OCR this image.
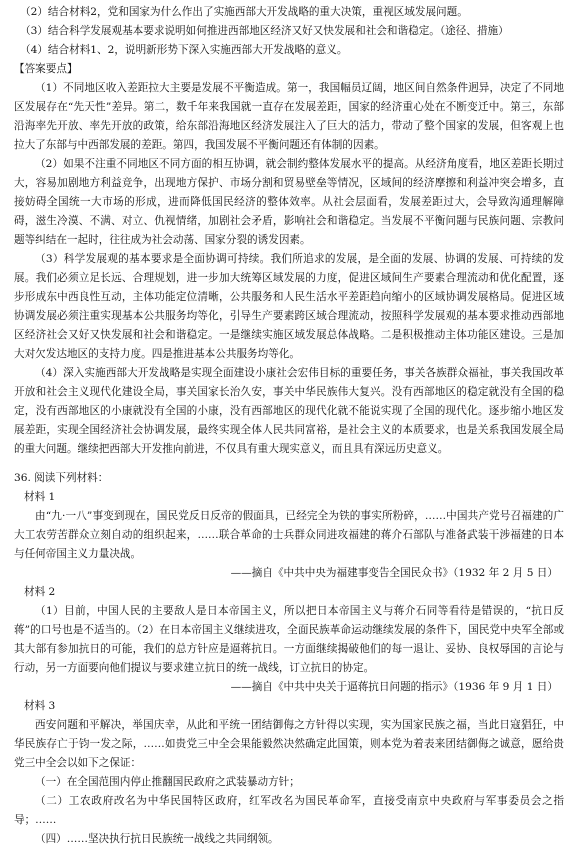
（2）结合材料2，党和国家为什么作出了实施西部大开发战略的重大决策，重视区域发展问题。

（3）结合科学发展观基本要求说明如何推进西部地区经济又好又快发展和社会和谐稳定。（途径、措施）

（4）结合材料1、2，说明新形势下深入实施西部大开发战略的意义。

【答案要点】

（1）不同地区收入差距拉大主要是发展不平衡造成。第一，我国幅员辽阔，地区间自然条件迥异，决定了不同地区发展存在“先天性”差异。第二，数千年来我国就一直存在发展差距，国家的经济重心处在不断变迁中。第三，东部沿海率先开放、率先开放的政策，给东部沿海地区经济发展注入了巨大的活力，带动了整个国家的发展，但客观上也拉大了东部与中西部发展的差距。第四，我国发展不平衡问题还有体制的因素。

（2）如果不注重不同地区不同方面的相互协调，就会制约整体发展水平的提高。从经济角度看，地区差距长期过大，容易加剧地方利益竞争，出现地方保护、市场分割和贸易壁垒等情况，区域间的经济摩擦和利益冲突会增多，直接妨碍全国统一大市场的形成，进而降低国民经济的整体效率。从社会层面看，发展差距过大，会导致沟通理解障碍，滋生冷漠、不满、对立、仇视情绪，加剧社会矛盾，影响社会和谐稳定。当发展不平衡问题与民族问题、宗教问题等纠结在一起时，往往成为社会动荡、国家分裂的诱发因素。

（3）科学发展观的基本要求是全面协调可持续。我们所追求的发展，是全面的发展、协调的发展、可持续的发展。我们必须立足长远、合理规划，进一步加大统筹区域发展的力度，促进区域间生产要素合理流动和优化配置，逐步形成东中西良性互动，主体功能定位清晰，公共服务和人民生活水平差距趋向缩小的区域协调发展格局。促进区域协调发展必须注重实现基本公共服务均等化，引导生产要素跨区域合理流动，按照科学发展观的基本要求推动西部地区经济社会又好又快发展和社会和谐稳定。一是继续实施区域发展总体战略。二是积极推动主体功能区建设。三是加大对欠发达地区的支持力度。四是推进基本公共服务均等化。

（4）深入实施西部大开发战略是实现全面建设小康社会宏伟目标的重要任务，事关各族群众福祉，事关我国改革开放和社会主义现代化建设全局，事关国家长治久安，事关中华民族伟大复兴。没有西部地区的稳定就没有全国的稳定，没有西部地区的小康就没有全国的小康，没有西部地区的现代化就不能说实现了全国的现代化。逐步缩小地区发展差距，实现全国经济社会协调发展，最终实现全体人民共同富裕，是社会主义的本质要求，也是关系我国发展全局的重大问题。继续把西部大开发推向前进，不仅具有重大现实意义，而且具有深远历史意义。

36. 阅读下列材料：

材料 1

由“九·一八”事变到现在，国民党反日反帝的假面具，已经完全为铁的事实所粉碎，……中国共产党号召福建的广大工农劳苦群众立刻自动的组织起来，……联合革命的士兵群众同进攻福建的蒋介石部队与准备武装干涉福建的日本与任何帝国主义力量决战。

——摘自《中共中央为福建事变告全国民众书》（1932 年 2 月 5 日）

材料 2

（1）目前，中国人民的主要敌人是日本帝国主义，所以把日本帝国主义与蒋介石同等看待是错误的，“抗日反蒋”的口号也是不适当的。（2）在日本帝国主义继续进攻，全面民族革命运动继续发展的条件下，国民党中央军全部或其大部有参加抗日的可能，我们的总方针应是逼蒋抗日。一方面继续揭破他们的每一退让、妥协、良权辱国的言论与行动，另一方面要向他们提议与要求建立抗日的统一战线，订立抗日的协定。

——摘自《中共中央关于逼蒋抗日问题的指示》（1936 年 9 月 1 日）

材料 3

西安问题和平解决，举国庆幸，从此和平统一团结御侮之方针得以实现，实为国家民族之福，当此日寇猖狂，中华民族存亡于钧一发之际，……如贵党三中全会果能毅然决然确定此国策，则本党为着表来团结御侮之诚意，愿给贵党三中全会以如下之保证：

（一）在全国范围内停止推翻国民政府之武装暴动方针；

（二）工农政府改名为中华民国特区政府，红军改名为国民革命军，直接受南京中央政府与军事委员会之指导；……

（四）……坚决执行抗日民族统一战线之共同纲领。
